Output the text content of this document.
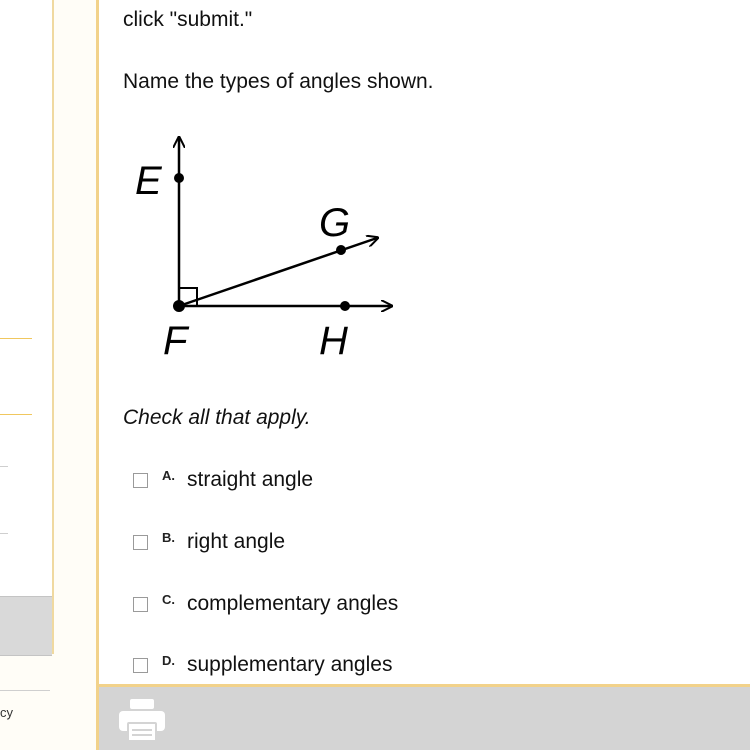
cy
click "submit."
Name the types of angles shown.
E
G
F	H
Check all that apply.
A. straight angle
B. right angle
C. complementary angles
D. supplementary angles
